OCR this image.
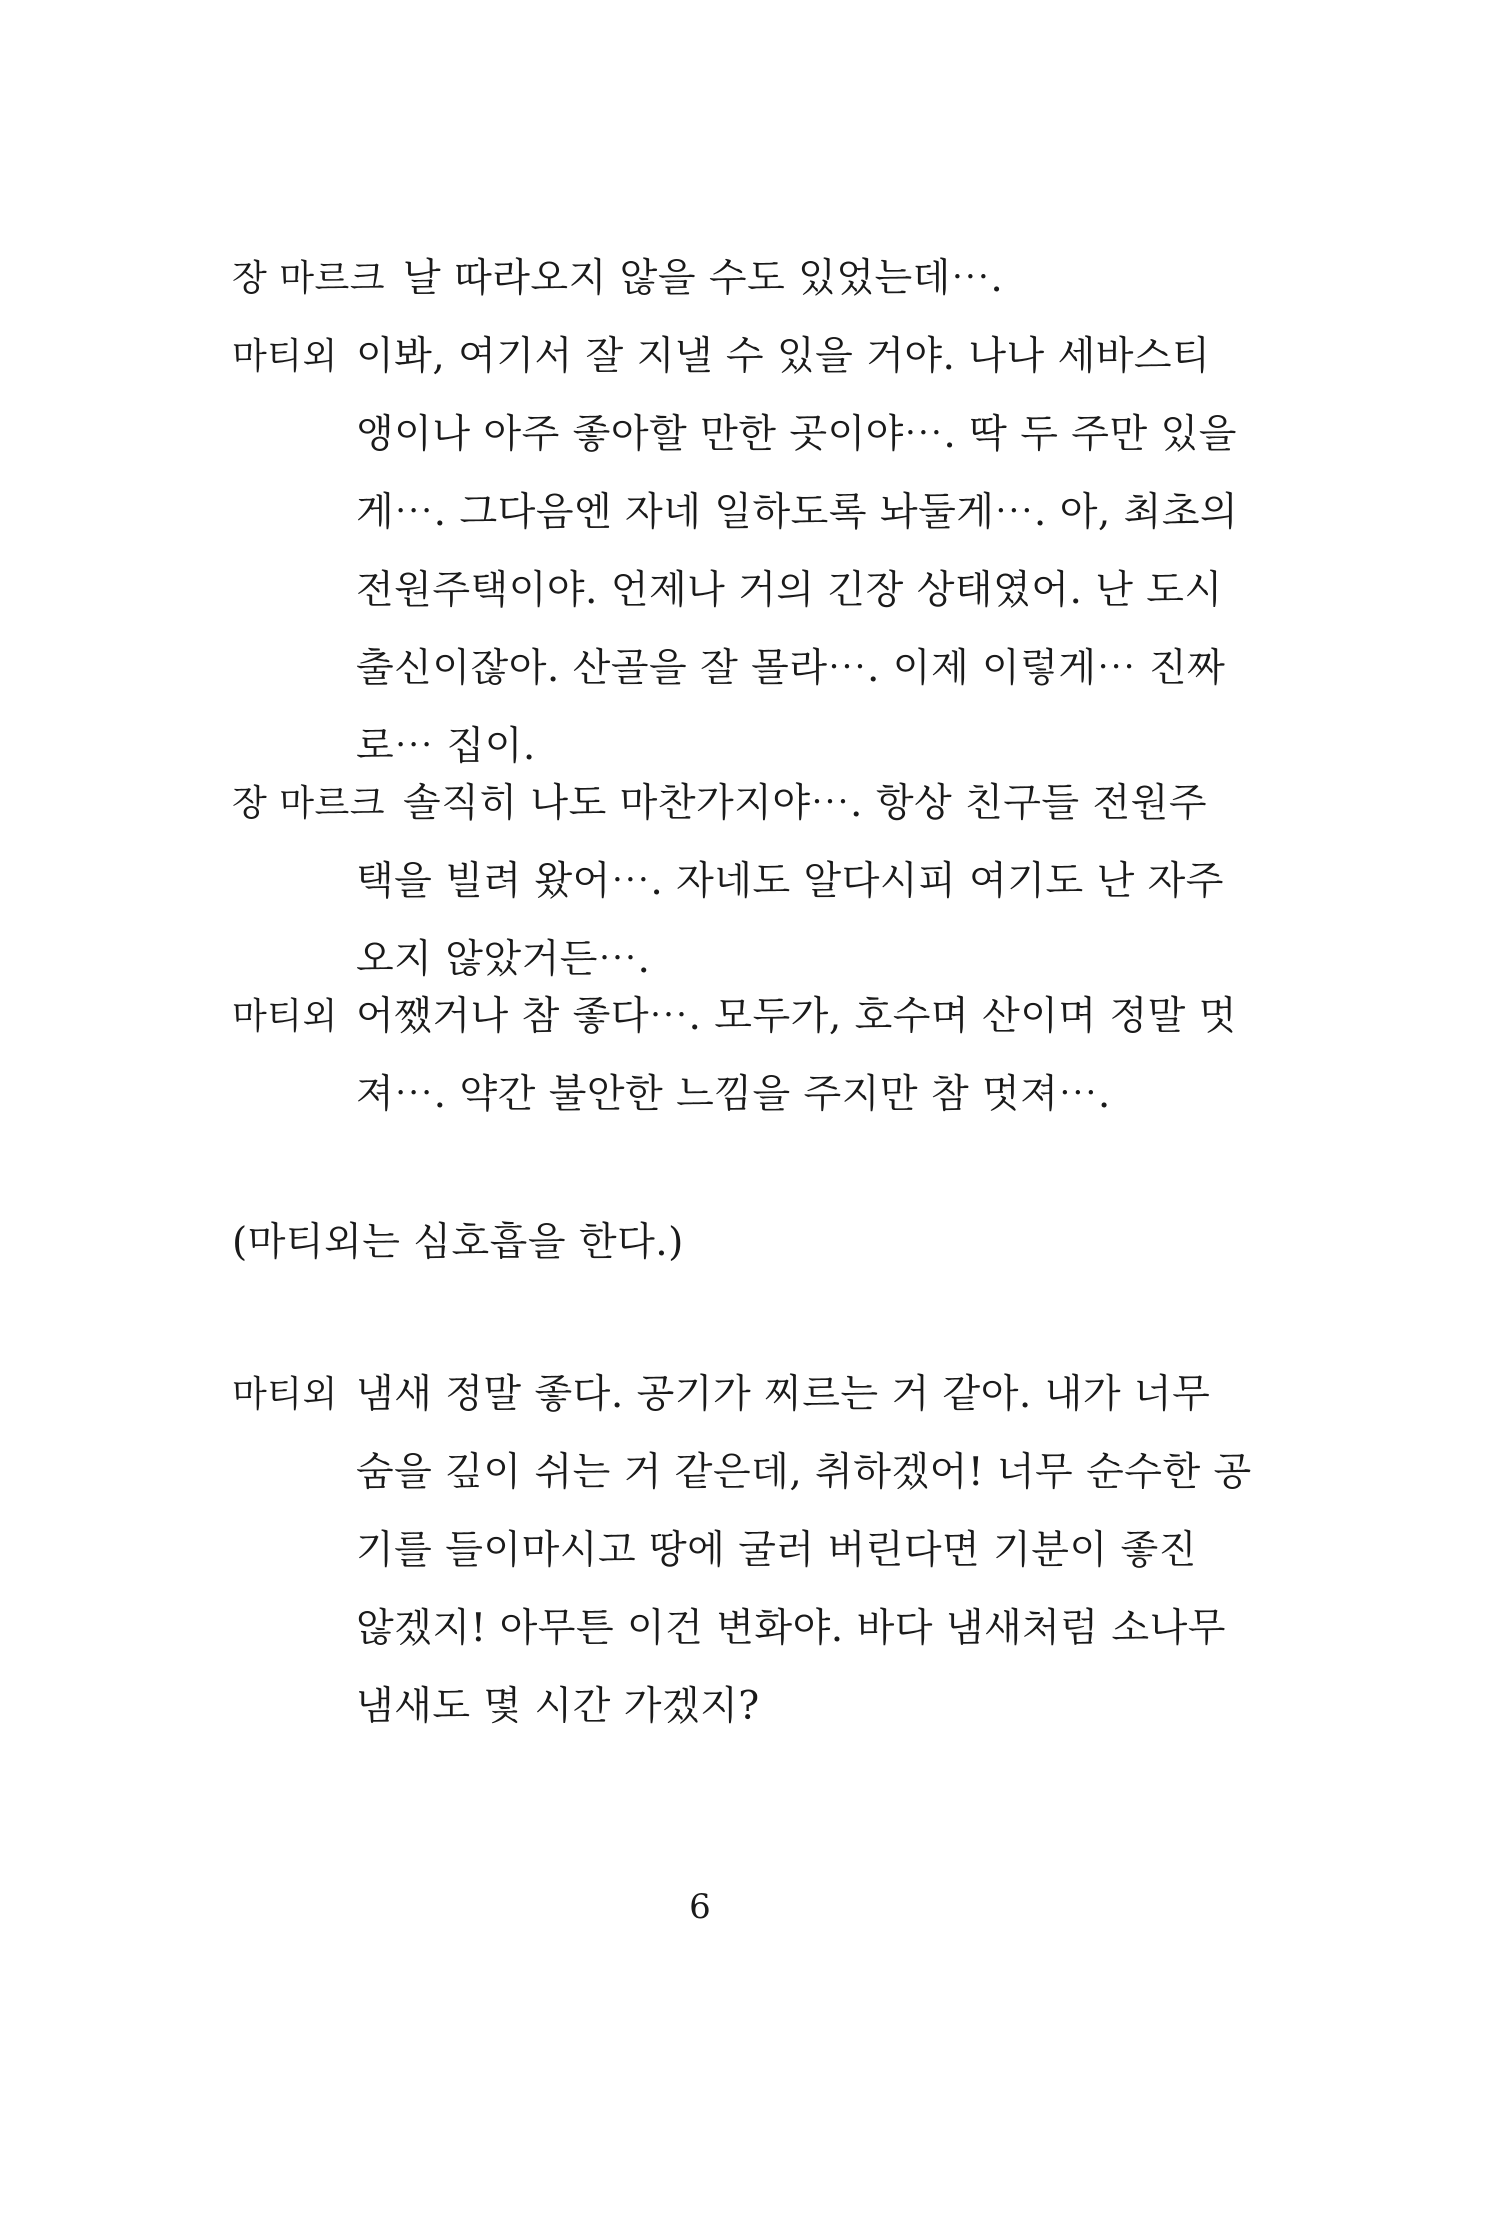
장 마르크 날 따라오지 않을 수도 있었는데⋯.
마티외 이봐, 여기서 잘 지낼 수 있을 거야. 나나 세바스티
앵이나 아주 좋아할 만한 곳이야⋯. 딱 두 주만 있을
게⋯. 그다음엔 자네 일하도록 놔둘게⋯. 아, 최초의
전원주택이야. 언제나 거의 긴장 상태였어. 난 도시
출신이잖아. 산골을 잘 몰라⋯. 이제 이렇게⋯ 진짜
로⋯ 집이.
장 마르크 솔직히 나도 마찬가지야⋯. 항상 친구들 전원주
택을 빌려 왔어⋯. 자네도 알다시피 여기도 난 자주
오지 않았거든⋯.
마티외 어쨌거나 참 좋다⋯. 모두가, 호수며 산이며 정말 멋
져⋯. 약간 불안한 느낌을 주지만 참 멋져⋯.
(마티외는 심호흡을 한다.)
마티외 냄새 정말 좋다. 공기가 찌르는 거 같아. 내가 너무
숨을 깊이 쉬는 거 같은데, 취하겠어! 너무 순수한 공
기를 들이마시고 땅에 굴러 버린다면 기분이 좋진
않겠지! 아무튼 이건 변화야. 바다 냄새처럼 소나무
냄새도 몇 시간 가겠지?
6
